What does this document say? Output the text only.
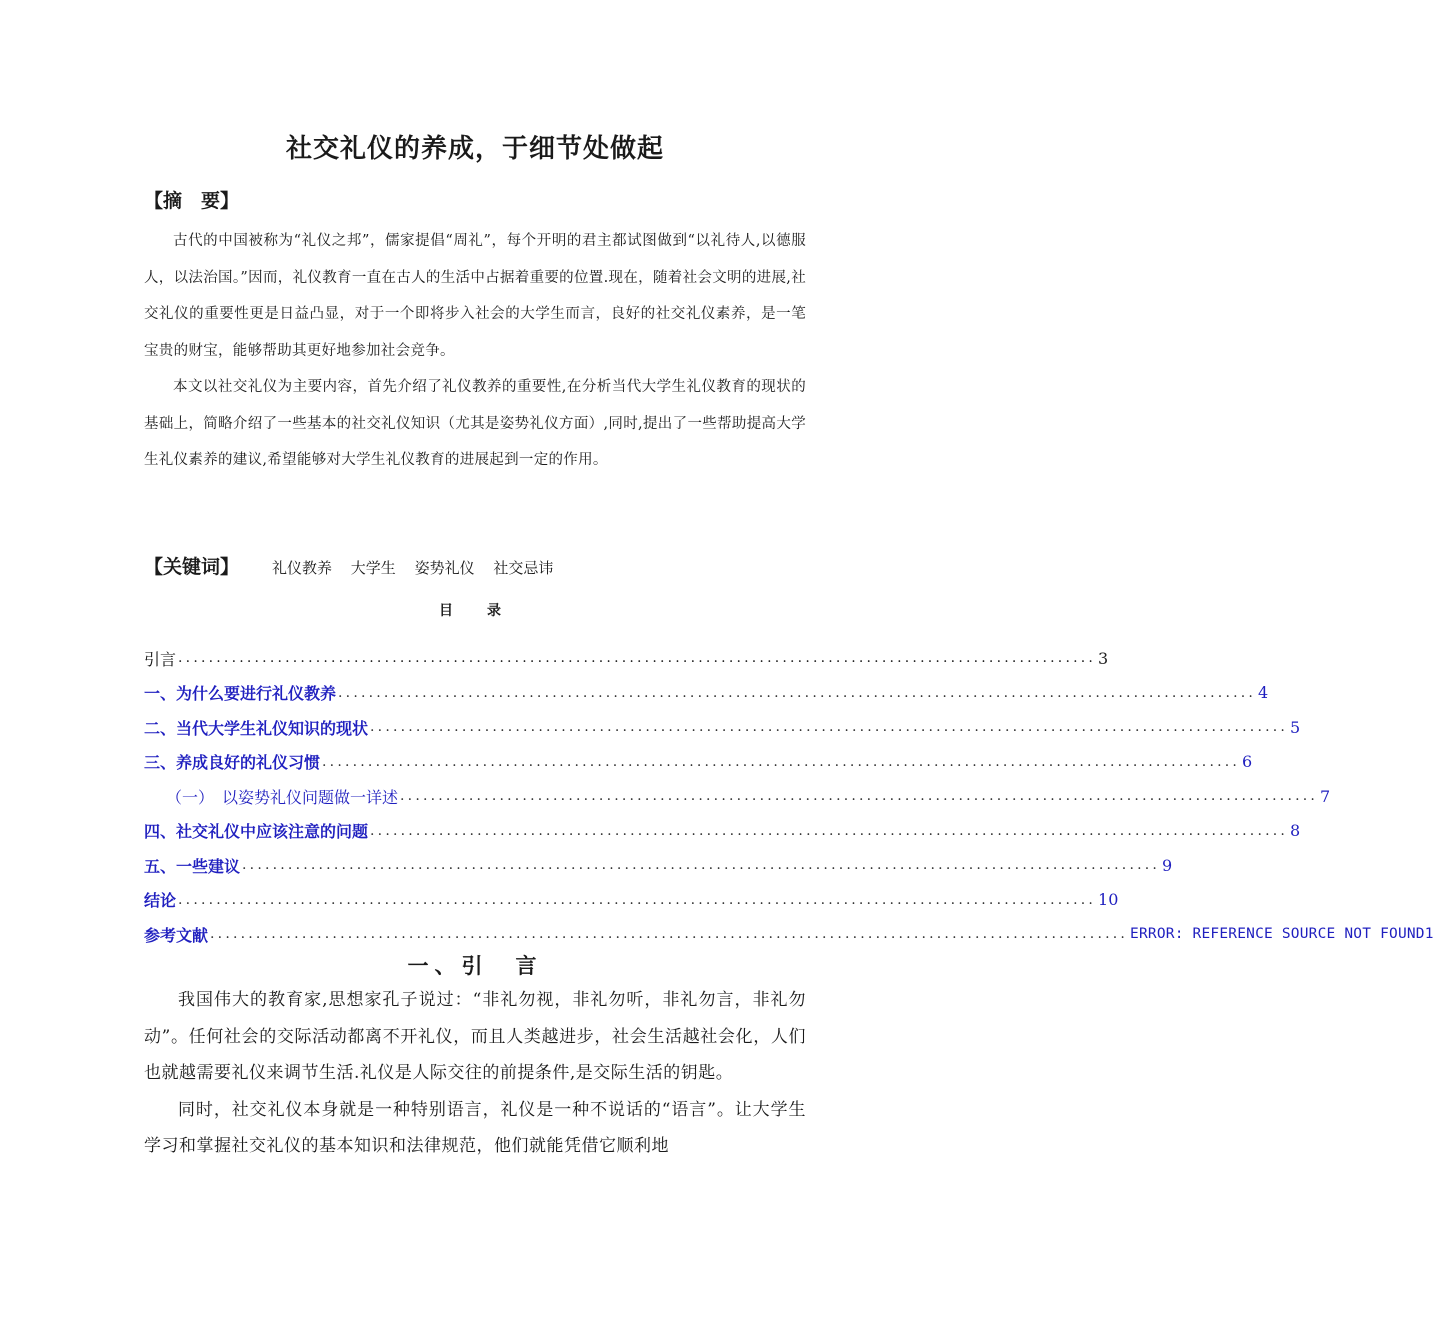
社交礼仪的养成，于细节处做起
【摘　要】

古代的中国被称为“礼仪之邦”，儒家提倡“周礼”，每个开明的君主都试图做到“以礼待人,以德服人，以法治国。”因而，礼仪教育一直在古人的生活中占据着重要的位置.现在，随着社会文明的进展,社交礼仪的重要性更是日益凸显，对于一个即将步入社会的大学生而言，良好的社交礼仪素养，是一笔宝贵的财宝，能够帮助其更好地参加社会竞争。

本文以社交礼仪为主要内容，首先介绍了礼仪教养的重要性,在分析当代大学生礼仪教育的现状的基础上，简略介绍了一些基本的社交礼仪知识（尤其是姿势礼仪方面）,同时,提出了一些帮助提高大学生礼仪素养的建议,希望能够对大学生礼仪教育的进展起到一定的作用。

【关键词】 礼仪教养 大学生 姿势礼仪 社交忌讳
目　录
引言 ........................................................................................................................ 3
一、为什么要进行礼仪教养 ........................................................................................................................ 4
二、当代大学生礼仪知识的现状 ........................................................................................................................ 5
三、养成良好的礼仪习惯 ........................................................................................................................ 6
（一）　以姿势礼仪问题做一详述 ........................................................................................................................ 7
四、社交礼仪中应该注意的问题 ........................................................................................................................ 8
五、一些建议 ........................................................................................................................ 9
结论 ........................................................................................................................ 10
参考文献 ........................................................................................................................ ERROR: REFERENCE SOURCE NOT FOUND1
一、引　言

我国伟大的教育家,思想家孔子说过：“非礼勿视，非礼勿听，非礼勿言，非礼勿动”。任何社会的交际活动都离不开礼仪，而且人类越进步，社会生活越社会化，人们也就越需要礼仪来调节生活.礼仪是人际交往的前提条件,是交际生活的钥匙。

同时，社交礼仪本身就是一种特别语言，礼仪是一种不说话的“语言”。让大学生学习和掌握社交礼仪的基本知识和法律规范，他们就能凭借它顺利地
